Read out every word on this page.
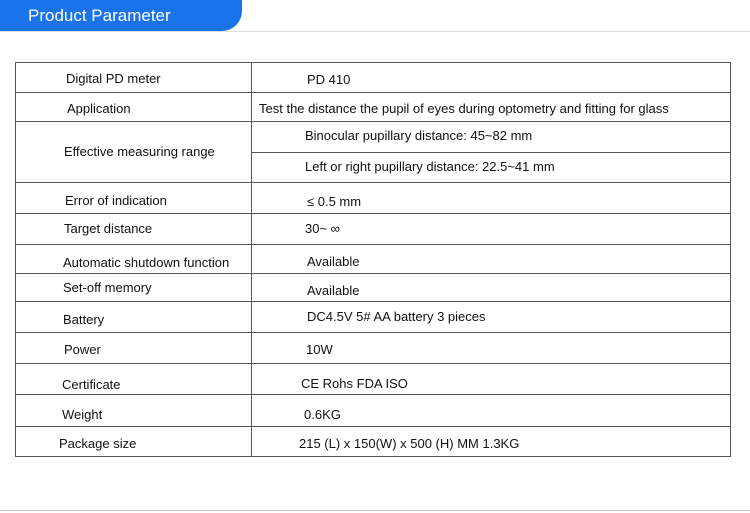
Product Parameter
Digital PD meter
Application
Effective measuring range
Error of indication
Target distance
Automatic shutdown function
Set-off memory
Battery
Power
Certificate
Weight
Package size
PD 410
Test the distance the pupil of eyes during optometry and fitting for glass
Binocular pupillary distance: 45~82 mm
Left or right pupillary distance: 22.5~41 mm
≤ 0.5 mm
30~ ∞
Available
Available
DC4.5V 5# AA battery 3 pieces
10W
CE Rohs FDA ISO
0.6KG
215 (L) x 150(W) x 500 (H) MM 1.3KG
